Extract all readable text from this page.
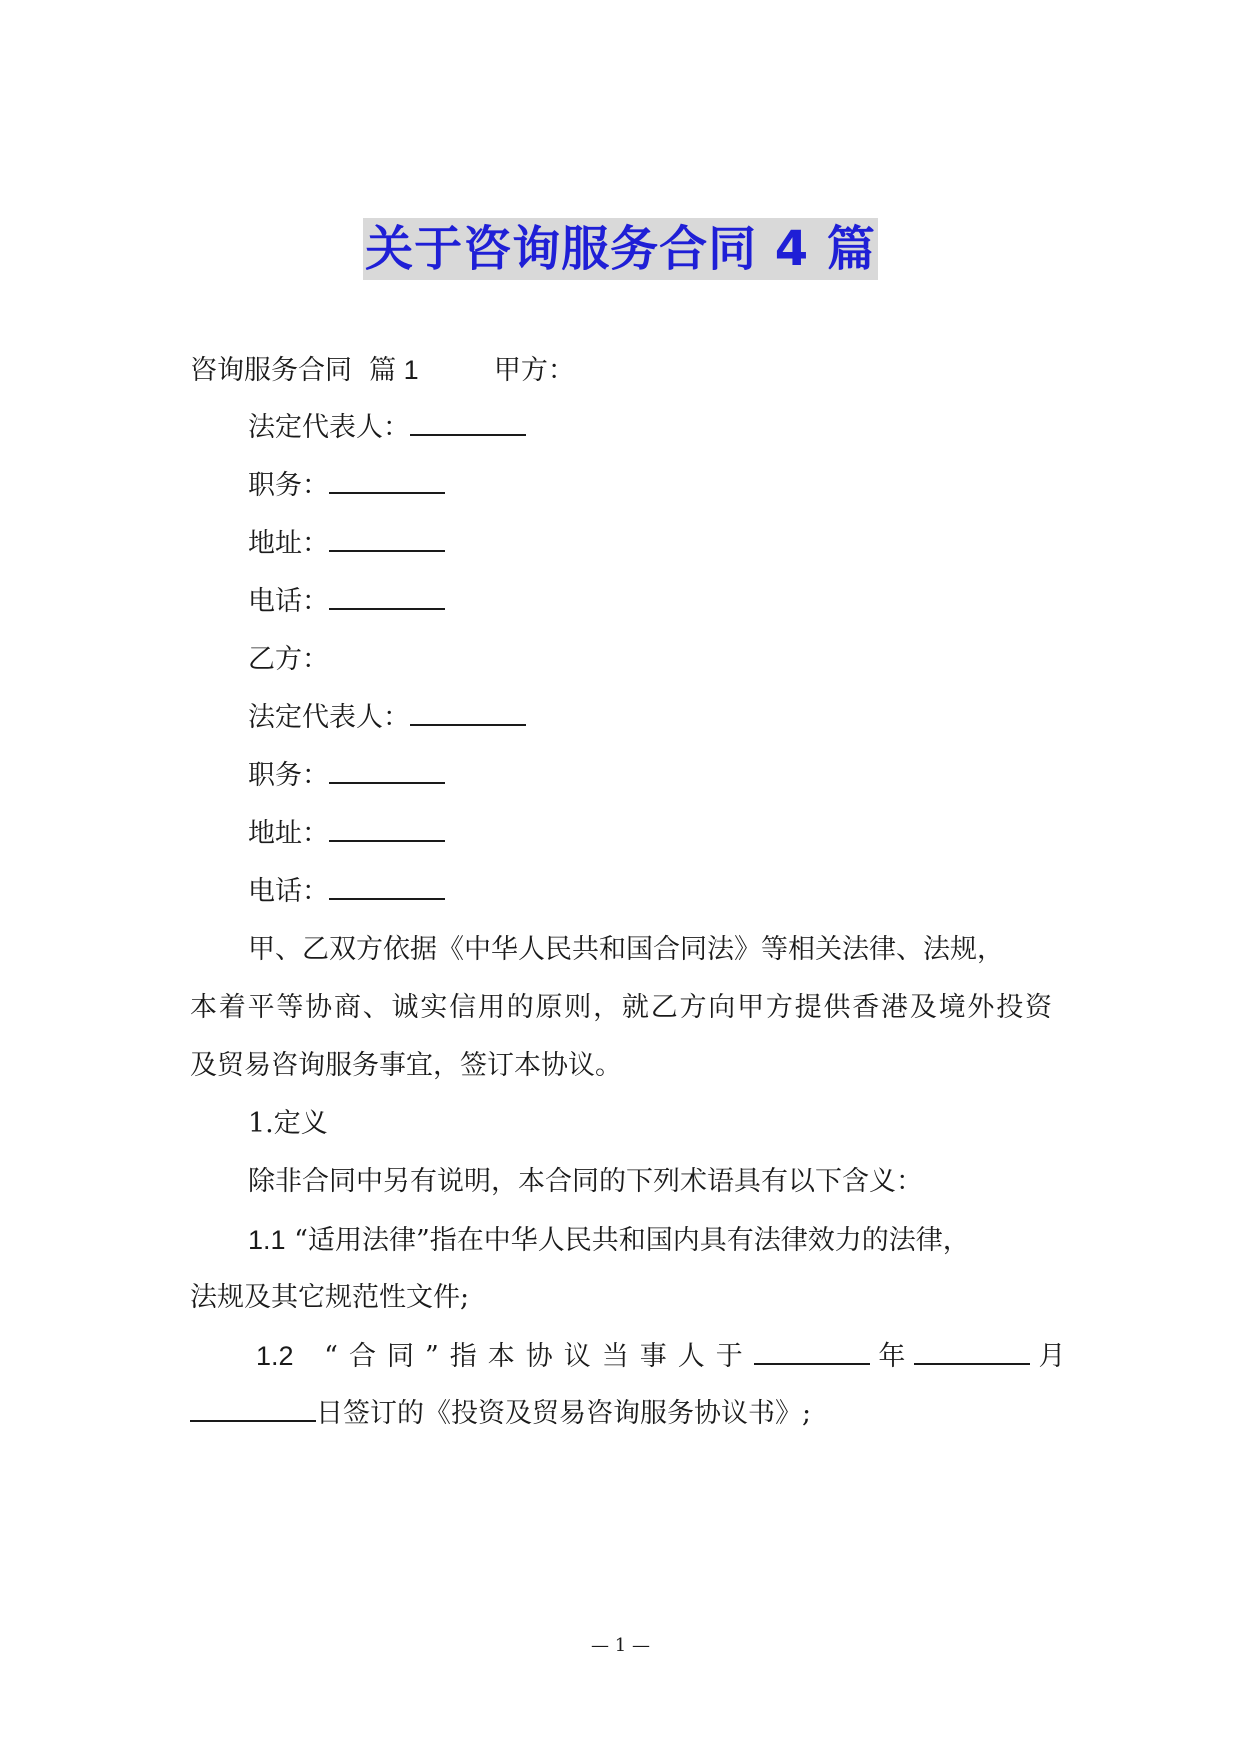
关于咨询服务合同 4 篇
咨询服务合同 篇 1	甲方：
法定代表人：
职务：
地址：
电话：
乙方：
法定代表人：
职务：
地址：
电话：
甲、乙双方依据《中华人民共和国合同法》等相关法律、法规，
本着平等协商、诚实信用的原则，就乙方向甲方提供香港及境外投资
及贸易咨询服务事宜，签订本协议。
1.定义
除非合同中另有说明，本合同的下列术语具有以下含义：
1.1 “适用法律”指在中华人民共和国内具有法律效力的法律，
法规及其它规范性文件;
1.2 “合同”指本协议当事人于	年	月
日签订的《投资及贸易咨询服务协议书》;
— 1 —
